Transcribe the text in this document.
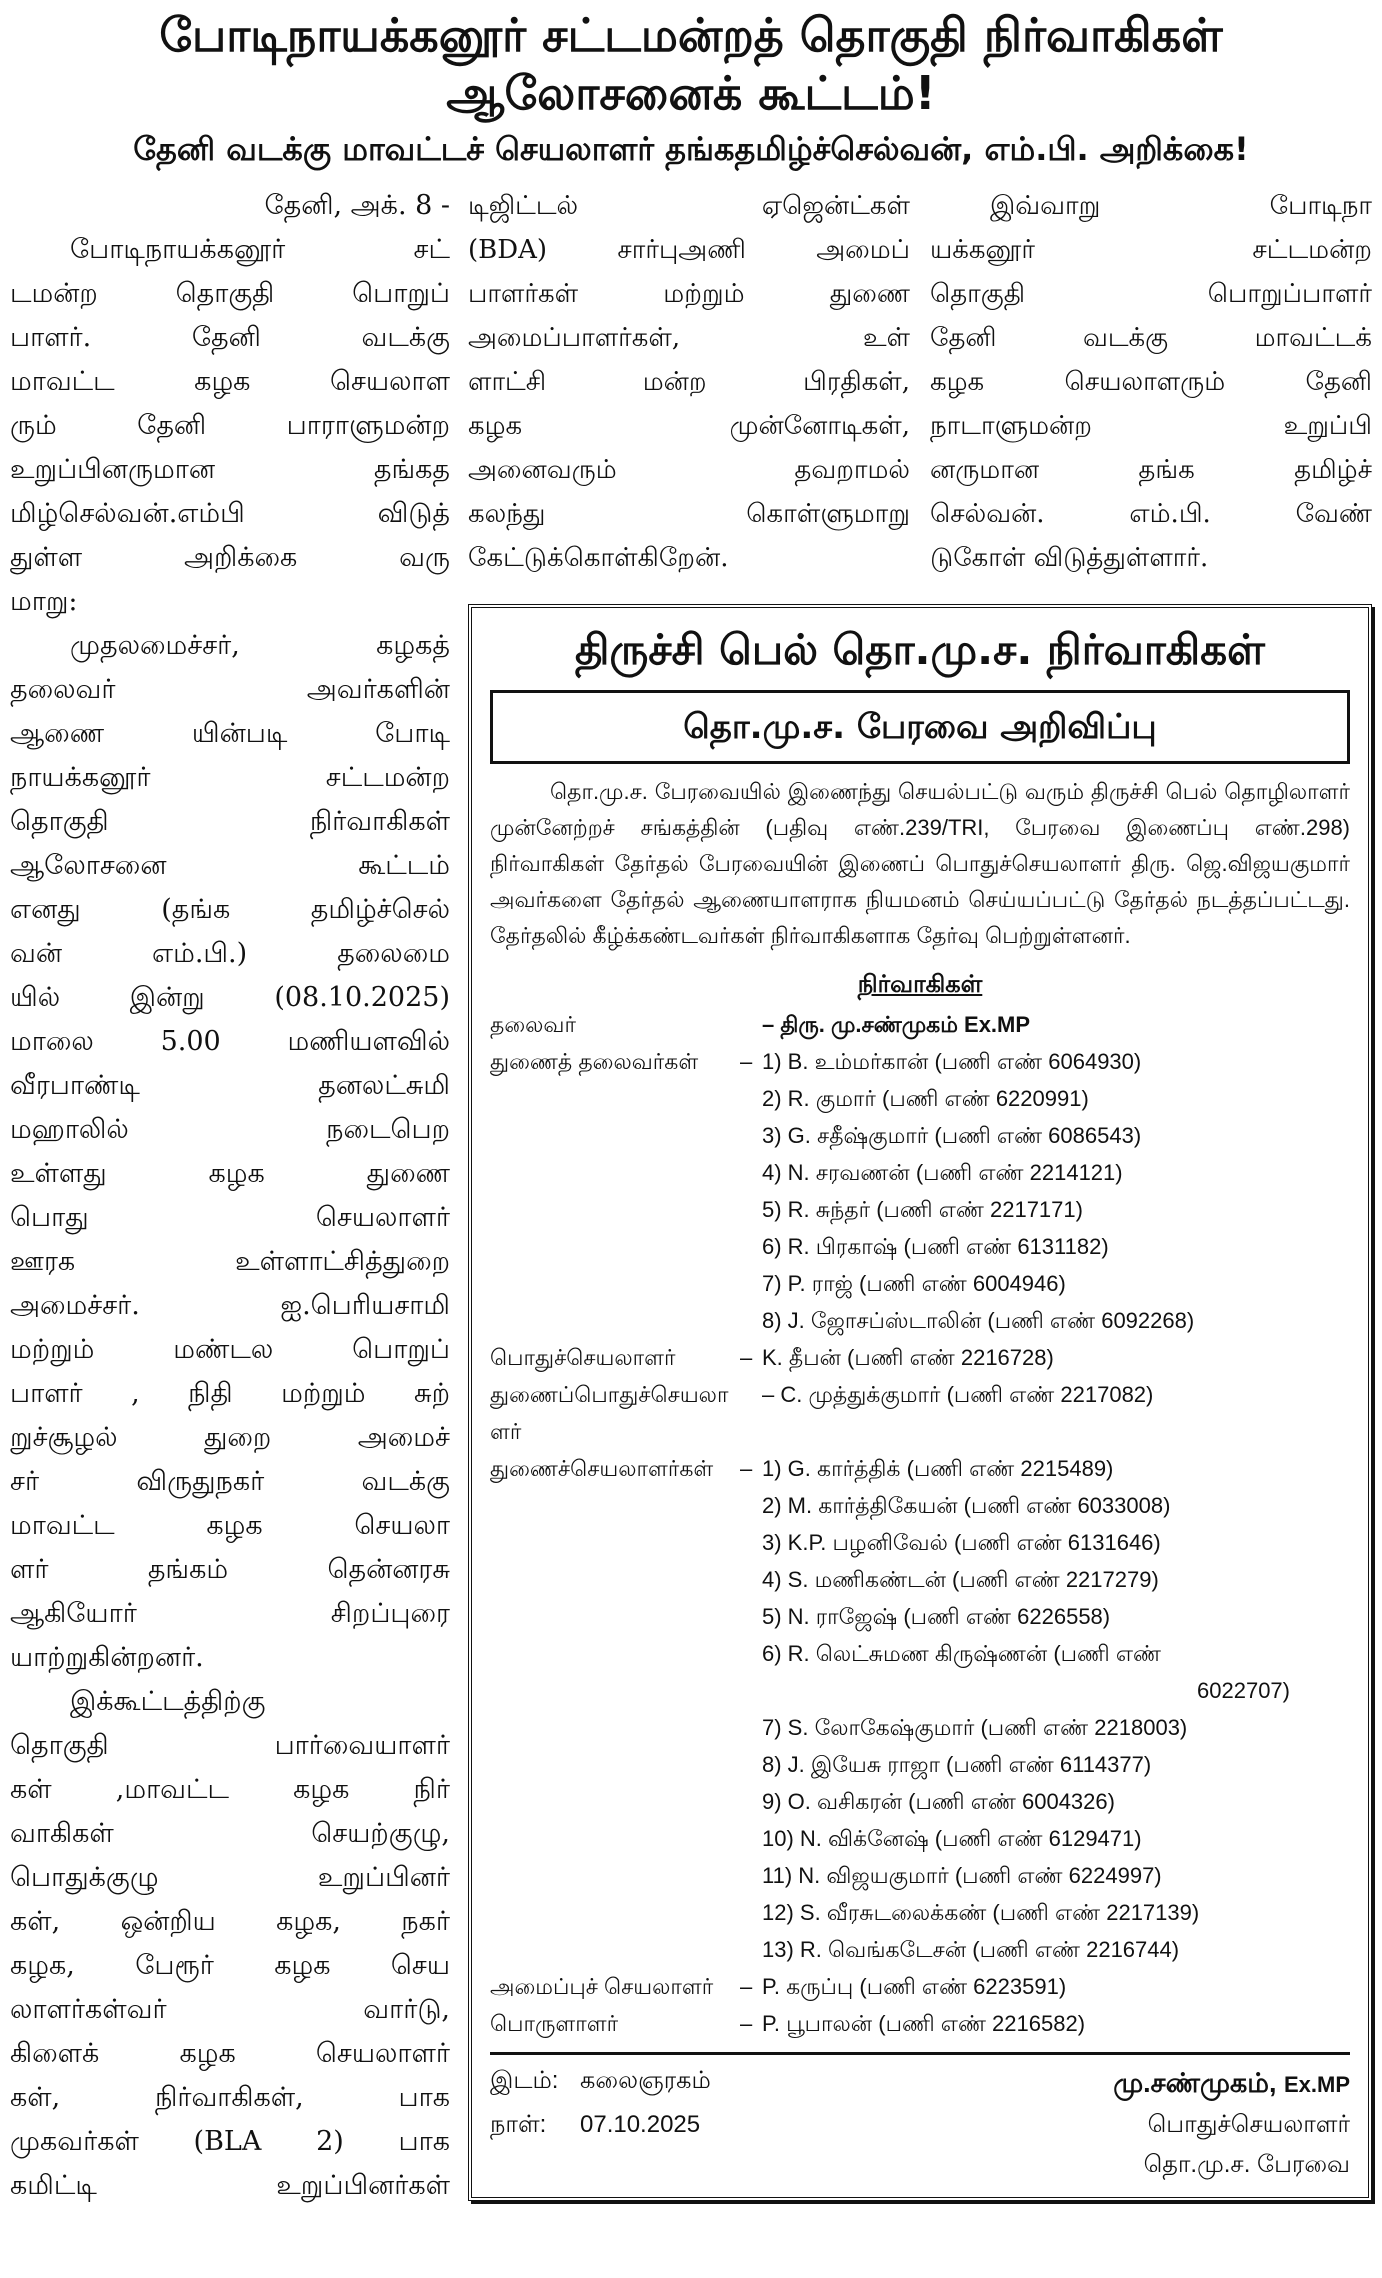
போடிநாயக்கனூர் சட்டமன்றத் தொகுதி நிர்வாகிகள் ஆலோசனைக் கூட்டம்!
தேனி வடக்கு மாவட்டச் செயலாளர் தங்கதமிழ்ச்செல்வன், எம்.பி. அறிக்கை!
தேனி, அக். 8 -
போடிநாயக்கனூர் சட்
டமன்ற தொகுதி பொறுப்
பாளர். தேனி வடக்கு
மாவட்ட கழக செயலாள
ரும் தேனி பாராளுமன்ற
உறுப்பினருமான தங்கத
மிழ்செல்வன்.எம்பி விடுத்
துள்ள அறிக்கை வரு
மாறு:
முதலமைச்சர், கழகத்
தலைவர் அவர்களின்
ஆணை யின்படி போடி
நாயக்கனூர் சட்டமன்ற
தொகுதி நிர்வாகிகள்
ஆலோசனை கூட்டம்
எனது (தங்க தமிழ்ச்செல்
வன் எம்.பி.) தலைமை
யில் இன்று (08.10.2025)
மாலை 5.00 மணியளவில்
வீரபாண்டி தனலட்சுமி
மஹாலில் நடைபெற
உள்ளது கழக துணை
பொது செயலாளர்
ஊரக உள்ளாட்சித்துறை
அமைச்சர். ஐ.பெரியசாமி
மற்றும் மண்டல பொறுப்
பாளர் , நிதி மற்றும் சுற்
றுச்சூழல் துறை அமைச்
சர் விருதுநகர் வடக்கு
மாவட்ட கழக செயலா
ளர் தங்கம் தென்னரசு
ஆகியோர் சிறப்புரை
யாற்றுகின்றனர்.
இக்கூட்டத்திற்கு
தொகுதி பார்வையாளர்
கள் ,மாவட்ட கழக நிர்
வாகிகள் செயற்குழு,
பொதுக்குழு உறுப்பினர்
கள், ஒன்றிய கழக, நகர்
கழக, பேரூர் கழக செய
லாளர்கள்வர் வார்டு,
கிளைக் கழக செயலாளர்
கள், நிர்வாகிகள், பாக
முகவர்கள் (BLA 2) பாக
கமிட்டி உறுப்பினர்கள்
டிஜிட்டல் ஏஜென்ட்கள்
(BDA) சார்புஅணி அமைப்
பாளர்கள் மற்றும் துணை
அமைப்பாளர்கள், உள்
ளாட்சி மன்ற பிரதிகள்,
கழக முன்னோடிகள்,
அனைவரும் தவறாமல்
கலந்து கொள்ளுமாறு
கேட்டுக்கொள்கிறேன்.
இவ்வாறு போடிநா
யக்கனூர் சட்டமன்ற
தொகுதி பொறுப்பாளர்
தேனி வடக்கு மாவட்டக்
கழக செயலாளரும் தேனி
நாடாளுமன்ற உறுப்பி
னருமான தங்க தமிழ்ச்
செல்வன். எம்.பி. வேண்
டுகோள் விடுத்துள்ளார்.
திருச்சி பெல் தொ.மு.ச. நிர்வாகிகள்
தொ.மு.ச. பேரவை அறிவிப்பு

தொ.மு.ச. பேரவையில் இணைந்து செயல்பட்டு வரும் திருச்சி பெல் தொழிலாளர் முன்னேற்றச் சங்கத்தின் (பதிவு எண்.239/TRI, பேரவை இணைப்பு எண்.298) நிர்வாகிகள் தேர்தல் பேரவையின் இணைப் பொதுச்செயலாளர் திரு. ஜெ.விஜயகுமார் அவர்களை தேர்தல் ஆணையாளராக நியமனம் செய்யப்பட்டு தேர்தல் நடத்தப்பட்டது. தேர்தலில் கீழ்க்கண்டவர்கள் நிர்வாகிகளாக தேர்வு பெற்றுள்ளனர்.

நிர்வாகிகள்
தலைவர்	– திரு. மு.சண்முகம் Ex.MP
துணைத் தலைவர்கள்	– 1) B. உம்மர்கான் (பணி எண் 6064930)
2) R. குமார் (பணி எண் 6220991)
3) G. சதீஷ்குமார் (பணி எண் 6086543)
4) N. சரவணன் (பணி எண் 2214121)
5) R. சுந்தர் (பணி எண் 2217171)
6) R. பிரகாஷ் (பணி எண் 6131182)
7) P. ராஜ் (பணி எண் 6004946)
8) J. ஜோசப்ஸ்டாலின் (பணி எண் 6092268)
பொதுச்செயலாளர்	– K. தீபன் (பணி எண் 2216728)
துணைப்பொதுச்செயலாளர்
– C. முத்துக்குமார் (பணி எண் 2217082)
துணைச்செயலாளர்கள்	– 1) G. கார்த்திக் (பணி எண் 2215489)
2) M. கார்த்திகேயன் (பணி எண் 6033008)
3) K.P. பழனிவேல் (பணி எண் 6131646)
4) S. மணிகண்டன் (பணி எண் 2217279)
5) N. ராஜேஷ் (பணி எண் 6226558)
6) R. லெட்சுமண கிருஷ்ணன் (பணி எண்
6022707)
7) S. லோகேஷ்குமார் (பணி எண் 2218003)
8) J. இயேசு ராஜா (பணி எண் 6114377)
9) O. வசிகரன் (பணி எண் 6004326)
10) N. விக்னேஷ் (பணி எண் 6129471)
11) N. விஜயகுமார் (பணி எண் 6224997)
12) S. வீரசுடலைக்கண் (பணி எண் 2217139)
13) R. வெங்கடேசன் (பணி எண் 2216744)
அமைப்புச் செயலாளர்	– P. கருப்பு (பணி எண் 6223591)
பொருளாளர்	– P. பூபாலன் (பணி எண் 2216582)
இடம்: கலைஞரகம்
நாள்:	07.10.2025
மு.சண்முகம், Ex.MP
பொதுச்செயலாளர்
தொ.மு.ச. பேரவை
